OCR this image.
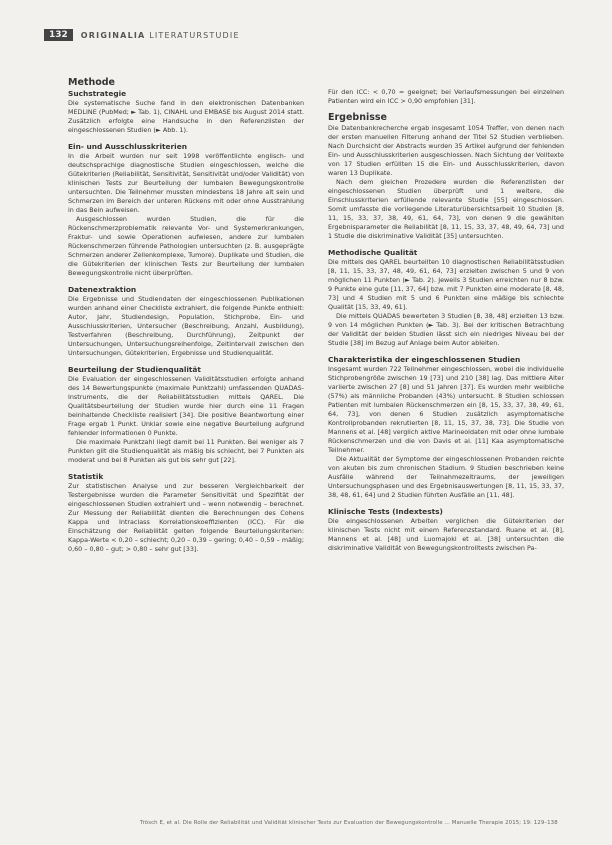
132	ORIGINALIA LITERATURSTUDIE
Methode
Suchstrategie

Die systematische Suche fand in den elektronischen Datenbanken MEDLINE (PubMed; ► Tab. 1), CINAHL und EMBASE bis August 2014 statt. Zusätzlich erfolgte eine Handsuche in den Referenzlisten der eingeschlossenen Studien (► Abb. 1).

Ein- und Ausschlusskriterien

In die Arbeit wurden nur seit 1998 veröffentlichte englisch- und deutschsprachige diagnostische Studien eingeschlossen, welche die Gütekriterien (Reliabilität, Sensitivität, Sensitivität und/oder Validität) von klinischen Tests zur Beurteilung der lumbalen Bewegungskontrolle untersuchten. Die Teilnehmer mussten mindestens 18 Jahre alt sein und Schmerzen im Bereich der unteren Rückens mit oder ohne Ausstrahlung in das Bein aufweisen.

Ausgeschlossen wurden Studien, die für die Rückenschmerzproblematik relevante Vor- und Systemerkrankungen, Fraktur- und sowie Operationen aufwiesen, andere zur lumbalen Rückenschmerzen führende Pathologien untersuchten (z. B. ausgeprägte Schmerzen anderer Zellenkomplexe, Tumore). Duplikate und Studien, die die Gütekriterien der klinischen Tests zur Beurteilung der lumbalen Bewegungskontrolle nicht überprüften.

Datenextraktion

Die Ergebnisse und Studiendaten der eingeschlossenen Publikationen wurden anhand einer Checkliste extrahiert, die folgende Punkte enthielt: Autor, Jahr, Studiendesign, Population, Stichprobe, Ein- und Ausschlusskriterien, Untersucher (Beschreibung, Anzahl, Ausbildung), Testverfahren (Beschreibung, Durchführung), Zeitpunkt der Untersuchungen, Untersuchungsreihenfolge, Zeitintervall zwischen den Untersuchungen, Gütekriterien, Ergebnisse und Studienqualität.

Beurteilung der Studienqualität

Die Evaluation der eingeschlossenen Validitätsstudien erfolgte anhand des 14 Bewertungspunkte (maximale Punktzahl) umfassenden QUADAS-Instruments, die der Reliabilitätsstudien mittels QAREL. Die Qualitätsbeurteilung der Studien wurde hier durch eine 11 Fragen beinhaltende Checkliste realisiert [34]. Die positive Beantwortung einer Frage ergab 1 Punkt. Unklar sowie eine negative Beurteilung aufgrund fehlender Informationen 0 Punkte.

Die maximale Punktzahl liegt damit bei 11 Punkten. Bei weniger als 7 Punkten gilt die Studienqualität als mäßig bis schlecht, bei 7 Punkten als moderat und bei 8 Punkten als gut bis sehr gut [22].

Statistik

Zur statistischen Analyse und zur besseren Vergleichbarkeit der Testergebnisse wurden die Parameter Sensitivität und Spezifität der eingeschlossenen Studien extrahiert und – wenn notwendig – berechnet. Zur Messung der Reliabilität dienten die Berechnungen des Cohens Kappa und Intraclass Korrelationskoeffizienten (ICC). Für die Einschätzung der Reliabilität gelten folgende Beurteilungskriterien: Kappa-Werte < 0,20 – schlecht; 0,20 – 0,39 – gering; 0,40 – 0,59 – mäßig; 0,60 – 0,80 – gut; > 0,80 – sehr gut [33].

Für den ICC: < 0,70 = geeignet; bei Verlaufsmessungen bei einzelnen Patienten wird ein ICC > 0,90 empfohlen [31].

Ergebnisse

Die Datenbankrecherche ergab insgesamt 1054 Treffer, von denen nach der ersten manuellen Filterung anhand der Titel 52 Studien verblieben. Nach Durchsicht der Abstracts wurden 35 Artikel aufgrund der fehlenden Ein- und Ausschlusskriterien ausgeschlossen. Nach Sichtung der Volltexte von 17 Studien erfüllten 15 die Ein- und Ausschlusskriterien, davon waren 13 Duplikate.

Nach dem gleichen Prozedere wurden die Referenzlisten der eingeschlossenen Studien überprüft und 1 weitere, die Einschlusskriterien erfüllende relevante Studie [55] eingeschlossen. Somit umfasste die vorliegende Literaturübersichtsarbeit 10 Studien [8, 11, 15, 33, 37, 38, 49, 61, 64, 73], von denen 9 die gewählten Ergebnisparameter die Reliabilität [8, 11, 15, 33, 37, 48, 49, 64, 73] und 1 Studie die diskriminative Validität [35] untersuchten.

Methodische Qualität

Die mittels des QAREL beurteilten 10 diagnostischen Reliabilitätsstudien [8, 11, 15, 33, 37, 48, 49, 61, 64, 73] erzielten zwischen 5 und 9 von möglichen 11 Punkten (► Tab. 2). Jeweils 3 Studien erreichten nur 8 bzw. 9 Punkte eine gute [11, 37, 64] bzw. mit 7 Punkten eine moderate [8, 48, 73] und 4 Studien mit 5 und 6 Punkten eine mäßige bis schlechte Qualität [15, 33, 49, 61].

Die mittels QUADAS bewerteten 3 Studien [8, 38, 48] erzielten 13 bzw. 9 von 14 möglichen Punkten (► Tab. 3). Bei der kritischen Betrachtung der Validität der beiden Studien lässt sich ein niedriges Niveau bei der Studie [38] im Bezug auf Anlage beim Autor ableiten.

Charakteristika der eingeschlossenen Studien

Insgesamt wurden 722 Teilnehmer eingeschlossen, wobei die individuelle Stichprobengröße zwischen 19 [73] und 210 [38] lag. Das mittlere Alter variierte zwischen 27 [8] und 51 Jahren [37]. Es wurden mehr weibliche (57%) als männliche Probanden (43%) untersucht. 8 Studien schlossen Patienten mit lumbalen Rückenschmerzen ein [8, 15, 33, 37, 38, 49, 61, 64, 73], von denen 6 Studien zusätzlich asymptomatische Kontrollprobanden rekrutierten [8, 11, 15, 37, 38, 73]. Die Studie von Mannens et al. [48] verglich aktive Marineoldaten mit oder ohne lumbale Rückenschmerzen und die von Davis et al. [11] Kaa asymptomatische Teilnehmer.

Die Aktualität der Symptome der eingeschlossenen Probanden reichte von akuten bis zum chronischen Stadium. 9 Studien beschrieben keine Ausfälle während der Teilnahmezeitraums, der jeweiligen Untersuchungsphasen und des Ergebnisauswertungen [8, 11, 15, 33, 37, 38, 48, 61, 64] und 2 Studien führten Ausfälle an [11, 48].

Klinische Tests (Indextests)

Die eingeschlossenen Arbeiten verglichen die Gütekriterien der klinischen Tests nicht mit einem Referenzstandard. Ruane et al. [8], Mannens et al. [48] und Luomajoki et al. [38] untersuchten die diskriminative Validität von Bewegungskontrolltests zwischen Pa-

Trösch E, et al. Die Rolle der Reliabilität und Validität klinischer Tests zur Evaluation der Bewegungskontrolle ... Manuelle Therapie 2015; 19: 129–138
